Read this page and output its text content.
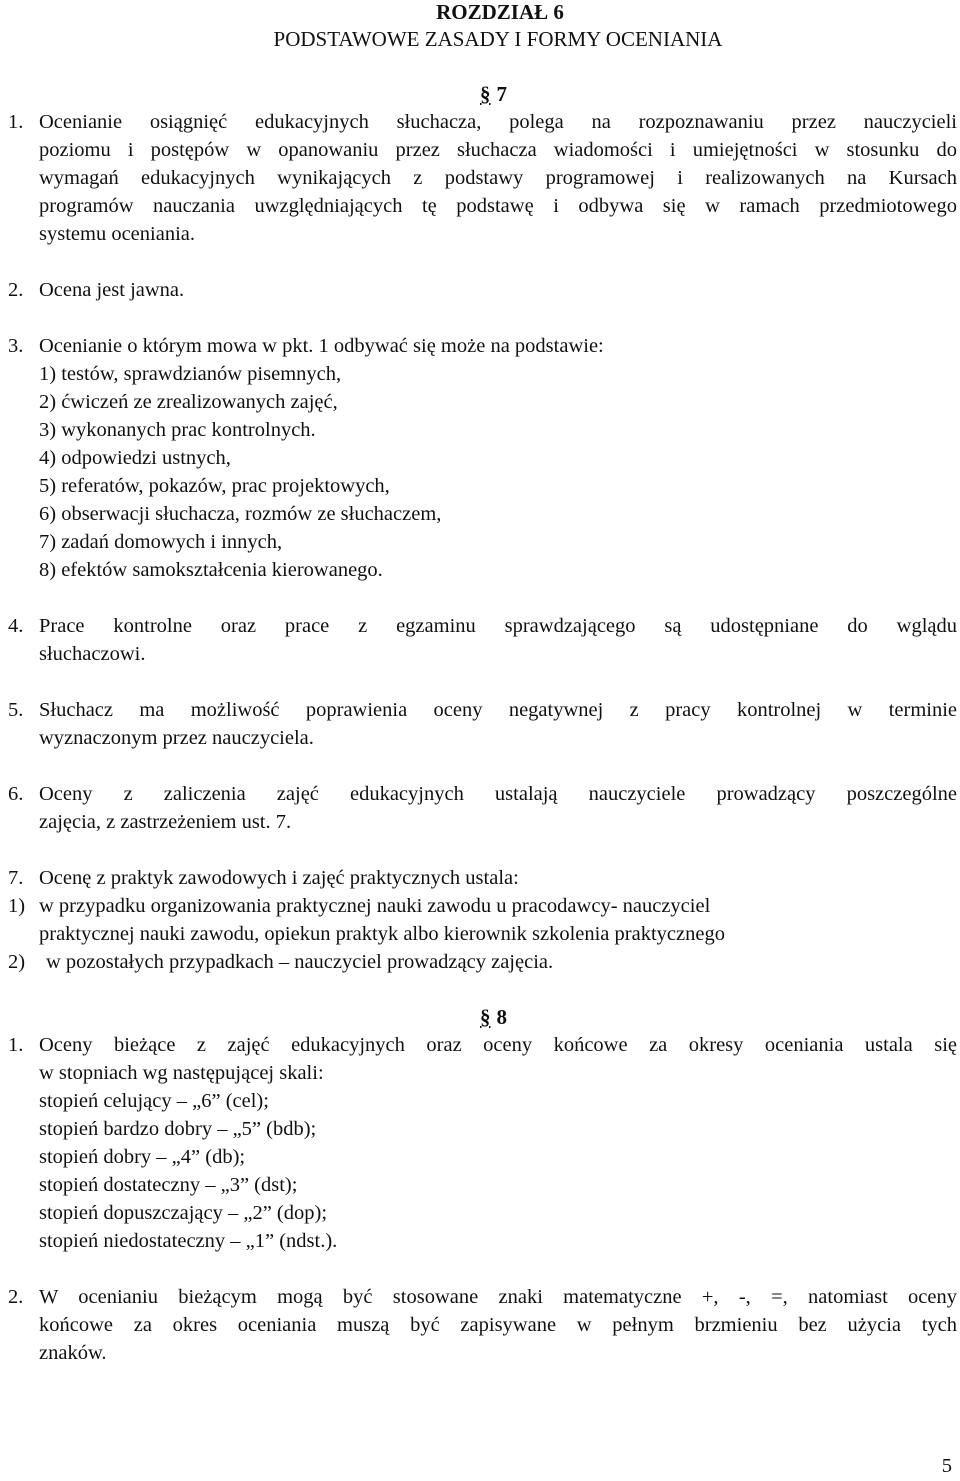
ROZDZIAŁ 6
PODSTAWOWE ZASADY I FORMY OCENIANIA
§ 7
1. Ocenianie osiągnięć edukacyjnych słuchacza, polega na rozpoznawaniu przez nauczycieli
poziomu i postępów w opanowaniu przez słuchacza wiadomości i umiejętności w stosunku do
wymagań edukacyjnych wynikających z podstawy programowej i realizowanych na Kursach
programów nauczania uwzględniających tę podstawę i odbywa się w ramach przedmiotowego
systemu oceniania.
2. Ocena jest jawna.
3. Ocenianie o którym mowa w pkt. 1 odbywać się może na podstawie:
1) testów, sprawdzianów pisemnych,
2) ćwiczeń ze zrealizowanych zajęć,
3) wykonanych prac kontrolnych.
4) odpowiedzi ustnych,
5) referatów, pokazów, prac projektowych,
6) obserwacji słuchacza, rozmów ze słuchaczem,
7) zadań domowych i innych,
8) efektów samokształcenia kierowanego.
4. Prace kontrolne oraz prace z egzaminu sprawdzającego są udostępniane do wglądu
słuchaczowi.
5. Słuchacz ma możliwość poprawienia oceny negatywnej z pracy kontrolnej w terminie
wyznaczonym przez nauczyciela.
6. Oceny z zaliczenia zajęć edukacyjnych ustalają nauczyciele prowadzący poszczególne
zajęcia, z zastrzeżeniem ust. 7.
7. Ocenę z praktyk zawodowych i zajęć praktycznych ustala:
1) w przypadku organizowania praktycznej nauki zawodu u pracodawcy- nauczyciel
praktycznej nauki zawodu, opiekun praktyk albo kierownik szkolenia praktycznego
2) w pozostałych przypadkach – nauczyciel prowadzący zajęcia.
§ 8
1. Oceny bieżące z zajęć edukacyjnych oraz oceny końcowe za okresy oceniania ustala się
w stopniach wg następującej skali:
stopień celujący – „6” (cel);
stopień bardzo dobry – „5” (bdb);
stopień dobry – „4” (db);
stopień dostateczny – „3” (dst);
stopień dopuszczający – „2” (dop);
stopień niedostateczny – „1” (ndst.).
2. W ocenianiu bieżącym mogą być stosowane znaki matematyczne +, -, =, natomiast oceny
końcowe za okres oceniania muszą być zapisywane w pełnym brzmieniu bez użycia tych
znaków.
5
